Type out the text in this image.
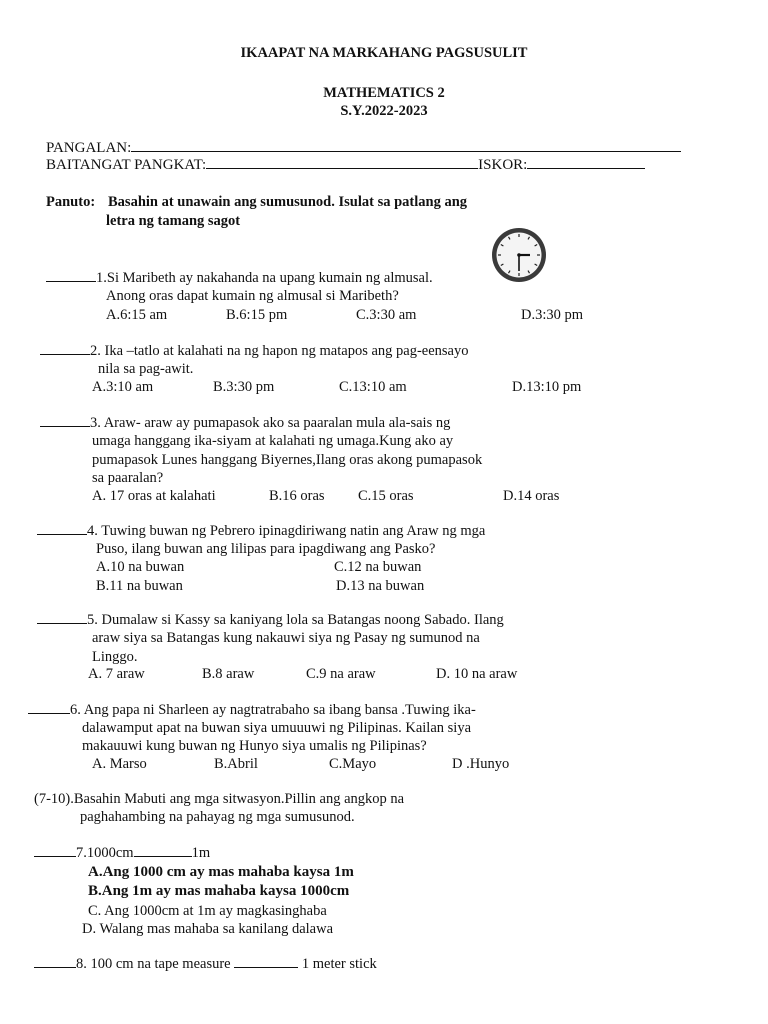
IKAAPAT NA MARKAHANG PAGSUSULIT
MATHEMATICS 2
S.Y.2022-2023
PANGALAN:
BAITANGAT PANGKAT:	ISKOR:
Panuto: Basahin at unawain ang sumusunod. Isulat sa patlang ang
letra ng tamang sagot
1.Si Maribeth ay nakahanda na upang kumain ng almusal.
Anong oras dapat kumain ng almusal si Maribeth?
A.6:15 am	B.6:15 pm	C.3:30 am	D.3:30 pm
2. Ika –tatlo at kalahati na ng hapon ng matapos ang pag-eensayo
nila sa pag-awit.
A.3:10 am	B.3:30 pm	C.13:10 am	D.13:10 pm
3. Araw- araw ay pumapasok ako sa paaralan mula ala-sais ng
umaga hanggang ika-siyam at kalahati ng umaga.Kung ako ay
pumapasok Lunes hanggang Biyernes,Ilang oras akong pumapasok
sa paaralan?
A. 17 oras at kalahati	B.16 oras C.15 oras	D.14 oras
4. Tuwing buwan ng Pebrero ipinagdiriwang natin ang Araw ng mga
Puso, ilang buwan ang lilipas para ipagdiwang ang Pasko?
A.10 na buwan	C.12 na buwan
B.11 na buwan	D.13 na buwan
5. Dumalaw si Kassy sa kaniyang lola sa Batangas noong Sabado. Ilang
araw siya sa Batangas kung nakauwi siya ng Pasay ng sumunod na
Linggo.
A. 7 araw	B.8 araw	C.9 na araw	D. 10 na araw
6. Ang papa ni Sharleen ay nagtratrabaho sa ibang bansa .Tuwing ika-
dalawamput apat na buwan siya umuuuwi ng Pilipinas. Kailan siya
makauuwi kung buwan ng Hunyo siya umalis ng Pilipinas?
A. Marso	B.Abril	C.Mayo	D .Hunyo
(7-10).Basahin Mabuti ang mga sitwasyon.Pillin ang angkop na
paghahambing na pahayag ng mga sumusunod.
7.1000cm	1m
A.Ang 1000 cm ay mas mahaba kaysa 1m
B.Ang 1m ay mas mahaba kaysa 1000cm
C. Ang 1000cm at 1m ay magkasinghaba
D. Walang mas mahaba sa kanilang dalawa
8. 100 cm na tape measure	1 meter stick
